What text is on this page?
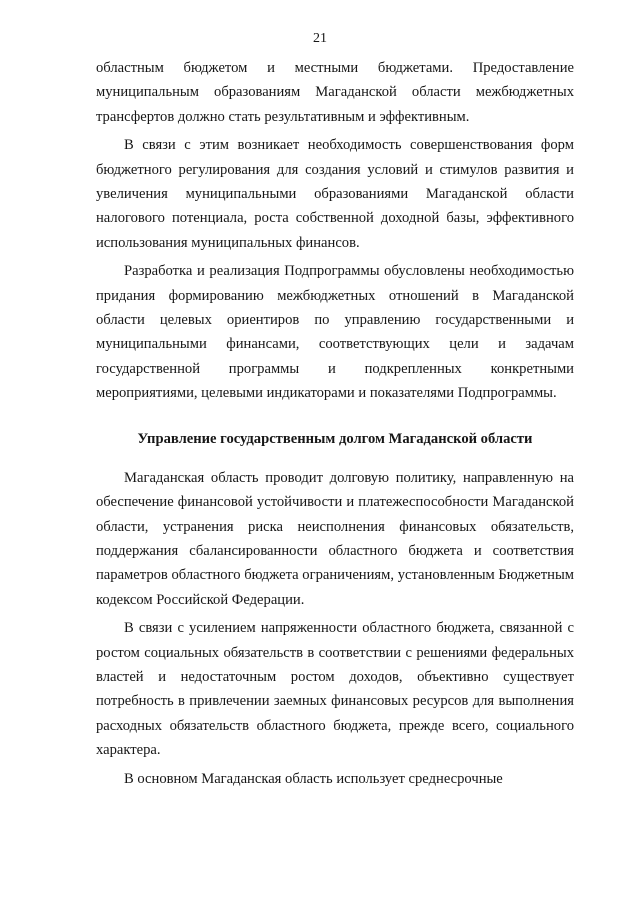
21

областным бюджетом и местными бюджетами. Предоставление муниципальным образованиям Магаданской области межбюджетных трансфертов должно стать результативным и эффективным.

В связи с этим возникает необходимость совершенствования форм бюджетного регулирования для создания условий и стимулов развития и увеличения муниципальными образованиями Магаданской области налогового потенциала, роста собственной доходной базы, эффективного использования муниципальных финансов.

Разработка и реализация Подпрограммы обусловлены необходимостью придания формированию межбюджетных отношений в Магаданской области целевых ориентиров по управлению государственными и муниципальными финансами, соответствующих цели и задачам государственной программы и подкрепленных конкретными мероприятиями, целевыми индикаторами и показателями Подпрограммы.

Управление государственным долгом Магаданской области

Магаданская область проводит долговую политику, направленную на обеспечение финансовой устойчивости и платежеспособности Магаданской области, устранения риска неисполнения финансовых обязательств, поддержания сбалансированности областного бюджета и соответствия параметров областного бюджета ограничениям, установленным Бюджетным кодексом Российской Федерации.

В связи с усилением напряженности областного бюджета, связанной с ростом социальных обязательств в соответствии с решениями федеральных властей и недостаточным ростом доходов, объективно существует потребность в привлечении заемных финансовых ресурсов для выполнения расходных обязательств областного бюджета, прежде всего, социального характера.

В основном Магаданская область использует среднесрочные
